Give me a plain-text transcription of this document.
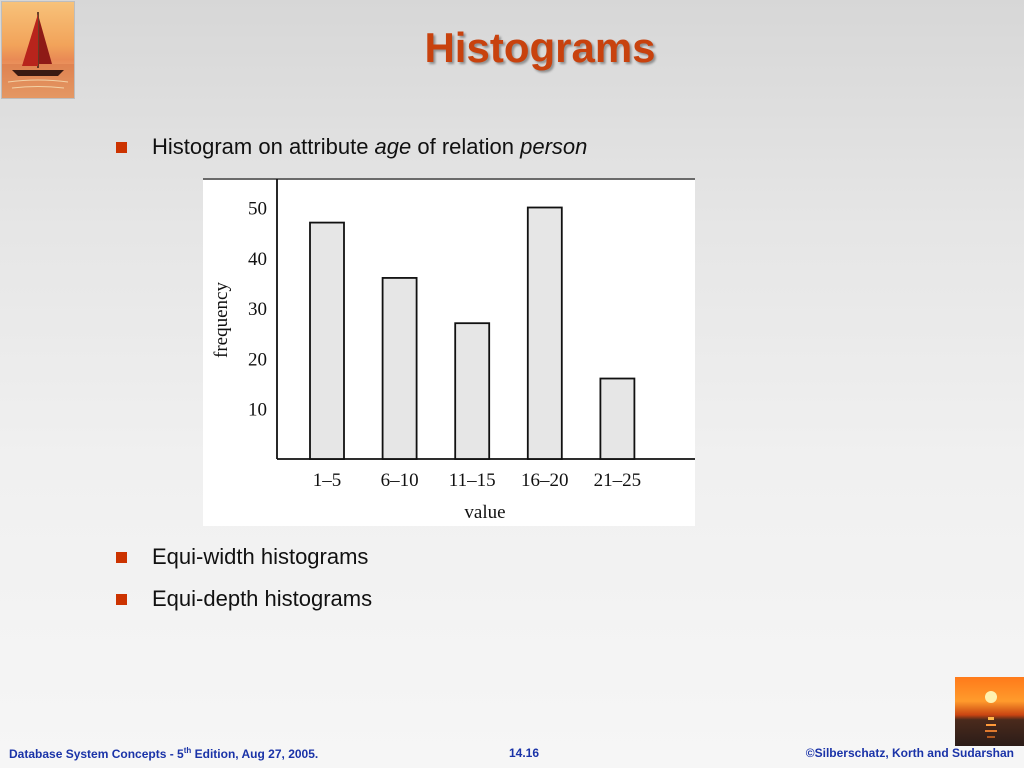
Histograms
Histogram on attribute age of relation person
frequency
value
10
20
30
40
50
1–5 6–10 11–15 16–20 21–25
Equi-width histograms
Equi-depth histograms
Database System Concepts - 5th Edition, Aug 27, 2005.	14.16	©Silberschatz, Korth and Sudarshan
